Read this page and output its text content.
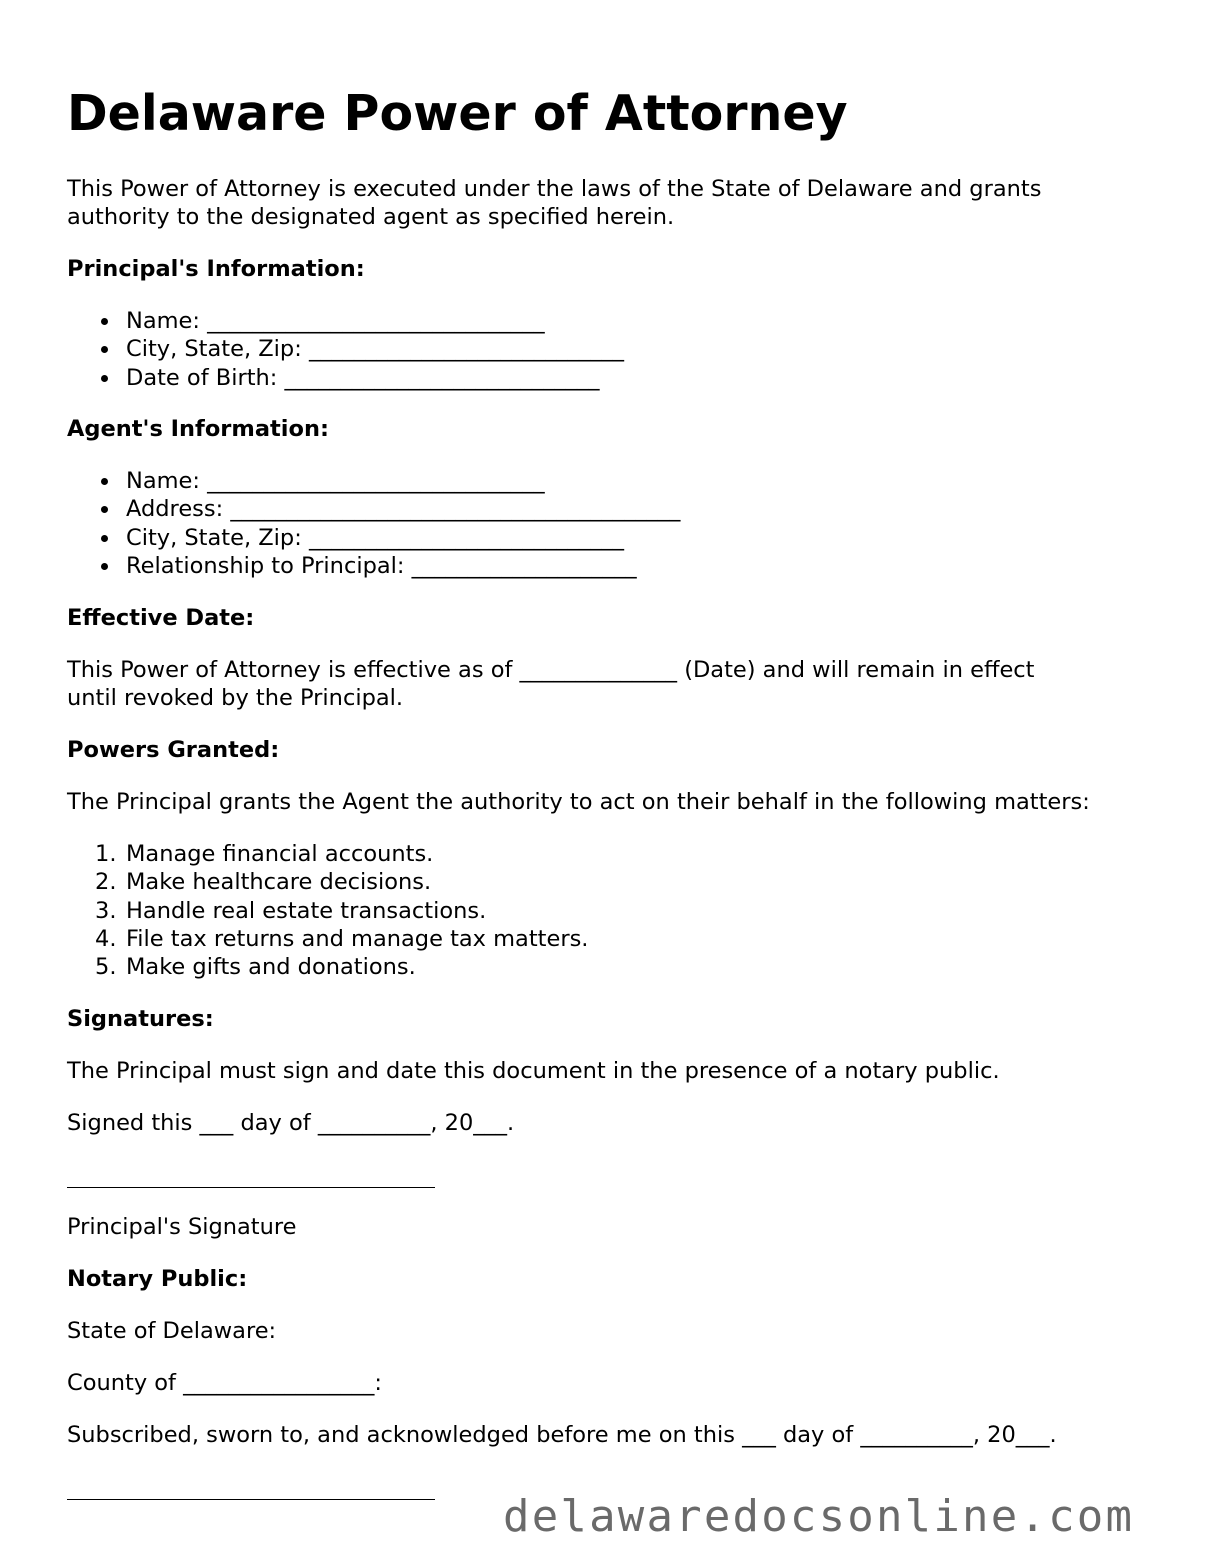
Delaware Power of Attorney

This Power of Attorney is executed under the laws of the State of Delaware and grants

authority to the designated agent as specified herein.

Principal's Information:

Name: ______________________________
City, State, Zip: ____________________________
Date of Birth: ____________________________

Agent's Information:

Name: ______________________________
Address: ________________________________________
City, State, Zip: ____________________________
Relationship to Principal: ____________________

Effective Date:

This Power of Attorney is effective as of ______________ (Date) and will remain in effect

until revoked by the Principal.

Powers Granted:

The Principal grants the Agent the authority to act on their behalf in the following matters:

1. Manage financial accounts.
2. Make healthcare decisions.
3. Handle real estate transactions.
4. File tax returns and manage tax matters.
5. Make gifts and donations.

Signatures:

The Principal must sign and date this document in the presence of a notary public.

Signed this ___ day of __________, 20___.

Principal's Signature

Notary Public:

State of Delaware:

County of _________________:

Subscribed, sworn to, and acknowledged before me on this ___ day of __________, 20___.

delawaredocsonline.com
